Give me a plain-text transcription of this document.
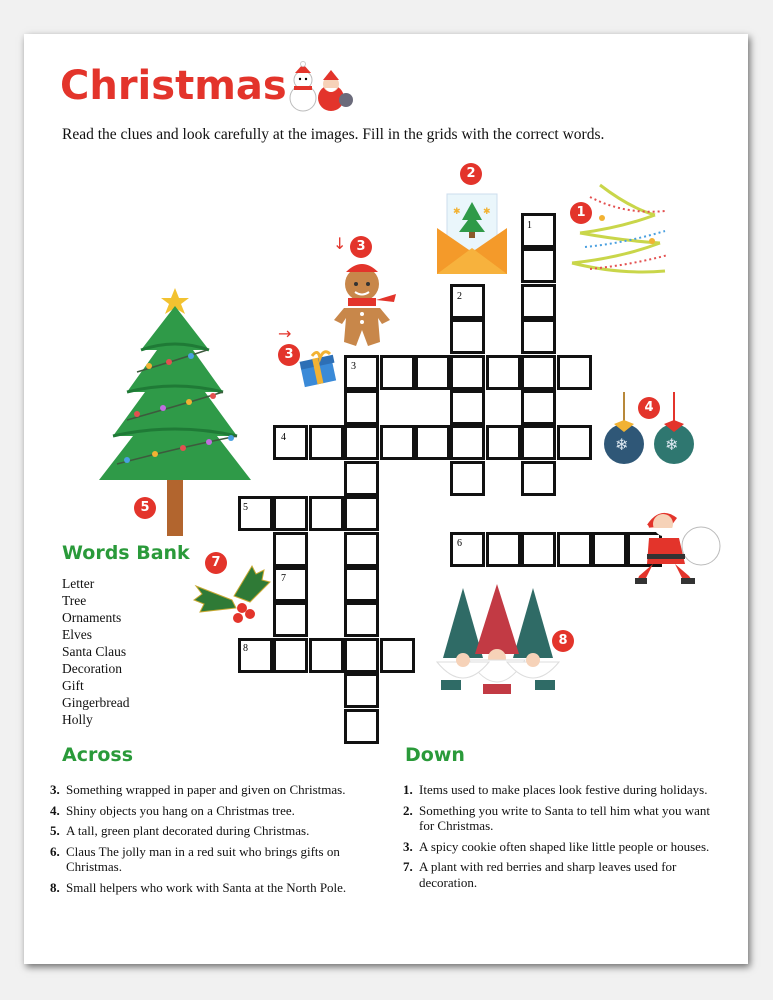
Christmas
Read the clues and look carefully at the images. Fill in the grids with the correct words.
1
2
3
4
5
6
7
8
1
✱ ✱
2
↓ 3
→
3
❄ ❄
4
5
7
8
Words Bank
Letter
Tree
Ornaments
Elves
Santa Claus
Decoration
Gift
Gingerbread
Holly
Across
3. Something wrapped in paper and given on Christmas.
4. Shiny objects you hang on a Christmas tree.
5. A tall, green plant decorated during Christmas.
6. Claus The jolly man in a red suit who brings gifts on Christmas.
8. Small helpers who work with Santa at the North Pole.
Down
1. Items used to make places look festive during holidays.
2. Something you write to Santa to tell him what you want for Christmas.
3. A spicy cookie often shaped like little people or houses.
7. A plant with red berries and sharp leaves used for decoration.
